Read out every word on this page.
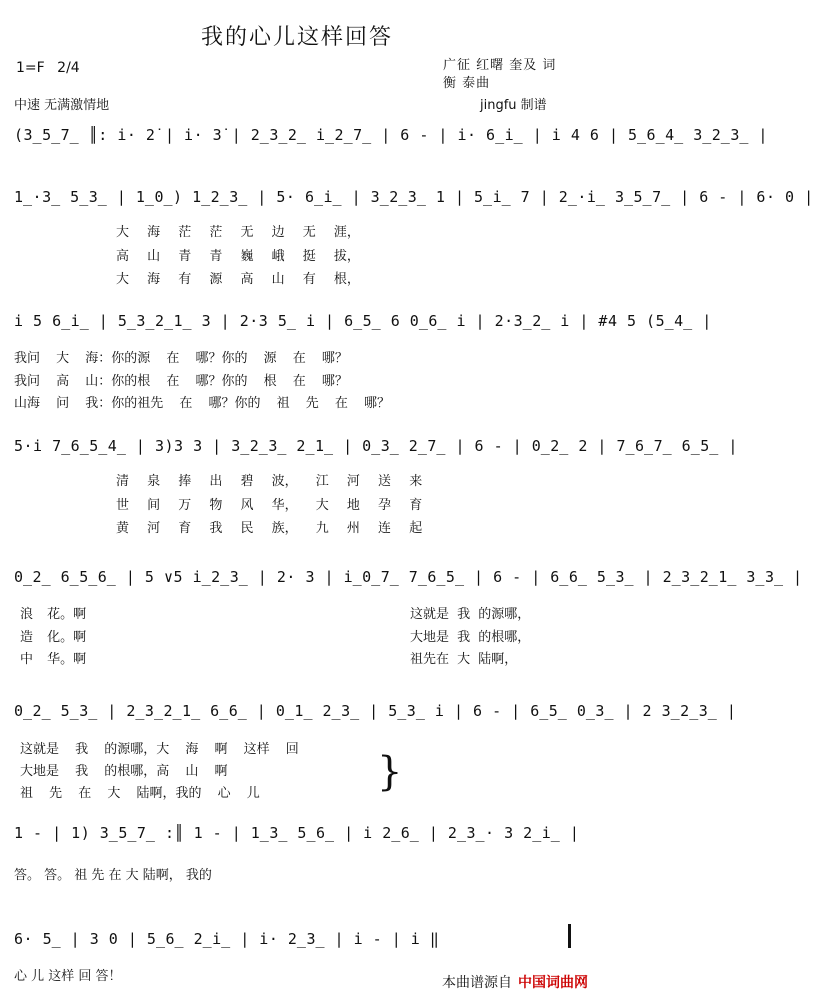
我的心儿这样回答
1=F 2/4
中速 无满激情地
广征 红曙 奎及 词
衡 泰曲
jingfu 制谱
(3̲5̲7̲ ║: i· 2̇ | i· 3̇ | 2̲3̲2̲ i̲2̲7̲ | 6 - | i· 6̲i̲ | i 4 6 | 5̲6̲4̲ 3̲2̲3̲ |
1̲·3̲ 5̲3̲ | 1̲0̲) 1̲2̲3̲ | 5· 6̲i̲ | 3̲2̲3̲ 1 | 5̲i̲ 7 | 2̲·i̲ 3̲5̲7̲ | 6 - | 6· 0 |
i 5 6̲i̲ | 5̲3̲2̲1̲ 3 | 2·3 5̲ i | 6̲5̲ 6 0̲6̲ i | 2·3̲2̲ i | #4 5 (5̲4̲ |
5·i 7̲6̲5̲4̲ | 3)3 3 | 3̲2̲3̲ 2̲1̲ | 0̲3̲ 2̲7̲ | 6 - | 0̲2̲ 2 | 7̲6̲7̲ 6̲5̲ |
0̲2̲ 6̲5̲6̲ | 5 ∨5 i̲2̲3̲ | 2· 3 | i̲0̲7̲ 7̲6̲5̲ | 6 - | 6̲6̲ 5̲3̲ | 2̲3̲2̲1̲ 3̲3̲ |
0̲2̲ 5̲3̲ | 2̲3̲2̲1̲ 6̲6̲ | 0̲1̲ 2̲3̲ | 5̲3̲ i | 6 - | 6̲5̲ 0̲3̲ | 2 3̲2̲3̲ |
1 - | 1) 3̲5̲7̲ :║ 1 - | 1̲3̲ 5̲6̲ | i 2̲6̲ | 2̲3̲· 3 2̲i̲ |
6· 5̲ | 3 0 | 5̲6̲ 2̲i̲ | i· 2̲3̲ | i - | i ‖
大 海 茫 茫 无 边 无 涯，
高 山 青 青 巍 峨 挺 拔，
大 海 有 源 高 山 有 根，
我问 大 海：你的源 在 哪？你的 源 在 哪？
我问 高 山：你的根 在 哪？你的 根 在 哪？
山海 问 我：你的祖先 在 哪？你的 祖 先 在 哪？
清 泉 捧 出 碧 波， 江 河 送 来
世 间 万 物 风 华， 大 地 孕 育
黄 河 育 我 民 族， 九 州 连 起
浪 花。啊
造 化。啊
中 华。啊
这就是 我 的源哪，
大地是 我 的根哪，
祖先在 大 陆啊，
这就是 我 的源哪，大 海 啊 这样 回
大地是 我 的根哪，高 山 啊
祖 先 在 大 陆啊，我的 心 儿	}
答。 答。 祖 先 在 大 陆啊， 我的
心 儿 这样 回 答！	本曲谱源自 中国词曲网
